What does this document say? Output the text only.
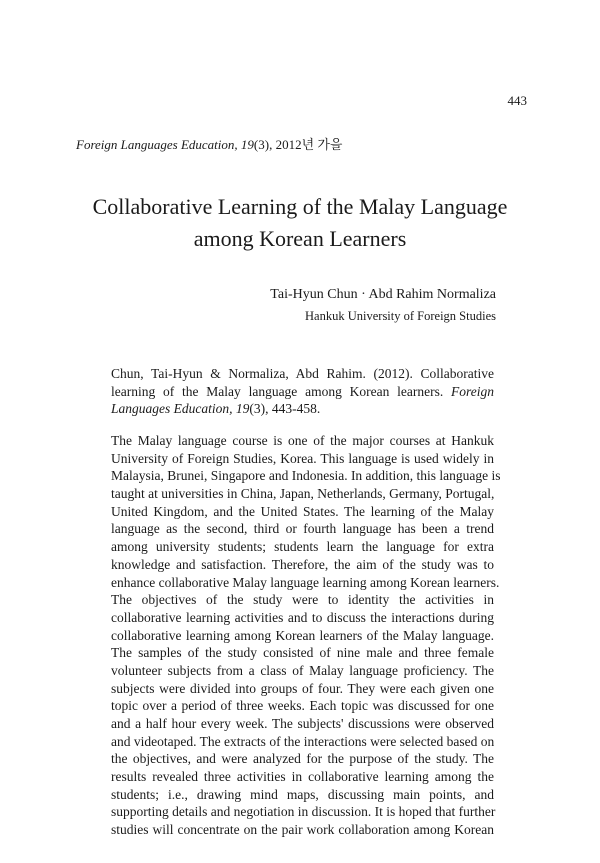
443
Foreign Languages Education, 19(3), 2012년 가을
Collaborative Learning of the Malay Language
among Korean Learners
Tai-Hyun Chun · Abd Rahim Normaliza
Hankuk University of Foreign Studies
Chun, Tai-Hyun & Normaliza, Abd Rahim. (2012). Collaborative learning of the Malay language among Korean learners. Foreign Languages Education, 19(3), 443-458.
The Malay language course is one of the major courses at Hankuk
University of Foreign Studies, Korea. This language is used widely in
Malaysia, Brunei, Singapore and Indonesia. In addition, this language is
taught at universities in China, Japan, Netherlands, Germany, Portugal,
United Kingdom, and the United States. The learning of the Malay
language as the second, third or fourth language has been a trend
among university students; students learn the language for extra
knowledge and satisfaction. Therefore, the aim of the study was to
enhance collaborative Malay language learning among Korean learners.
The objectives of the study were to identity the activities in
collaborative learning activities and to discuss the interactions during
collaborative learning among Korean learners of the Malay language.
The samples of the study consisted of nine male and three female
volunteer subjects from a class of Malay language proficiency. The
subjects were divided into groups of four. They were each given one
topic over a period of three weeks. Each topic was discussed for one
and a half hour every week. The subjects' discussions were observed
and videotaped. The extracts of the interactions were selected based on
the objectives, and were analyzed for the purpose of the study. The
results revealed three activities in collaborative learning among the
students; i.e., drawing mind maps, discussing main points, and
supporting details and negotiation in discussion. It is hoped that further
studies will concentrate on the pair work collaboration among Korean
